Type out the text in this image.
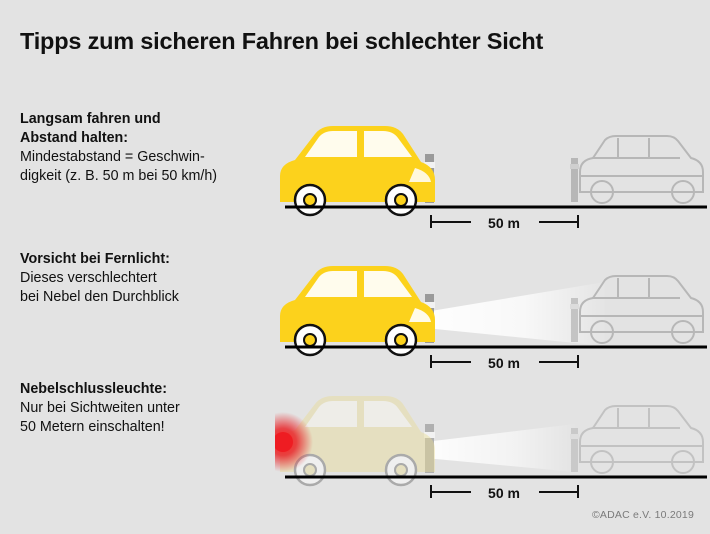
Tipps zum sicheren Fahren bei schlechter Sicht
Langsam fahren und
Abstand halten:
Mindestabstand = Geschwin-
digkeit (z. B. 50 m bei 50 km/h)
50 m
Vorsicht bei Fernlicht:
Dieses verschlechtert
bei Nebel den Durchblick
50 m
Nebelschlussleuchte:
Nur bei Sichtweiten unter
50 Metern einschalten!
50 m
©ADAC e.V. 10.2019
